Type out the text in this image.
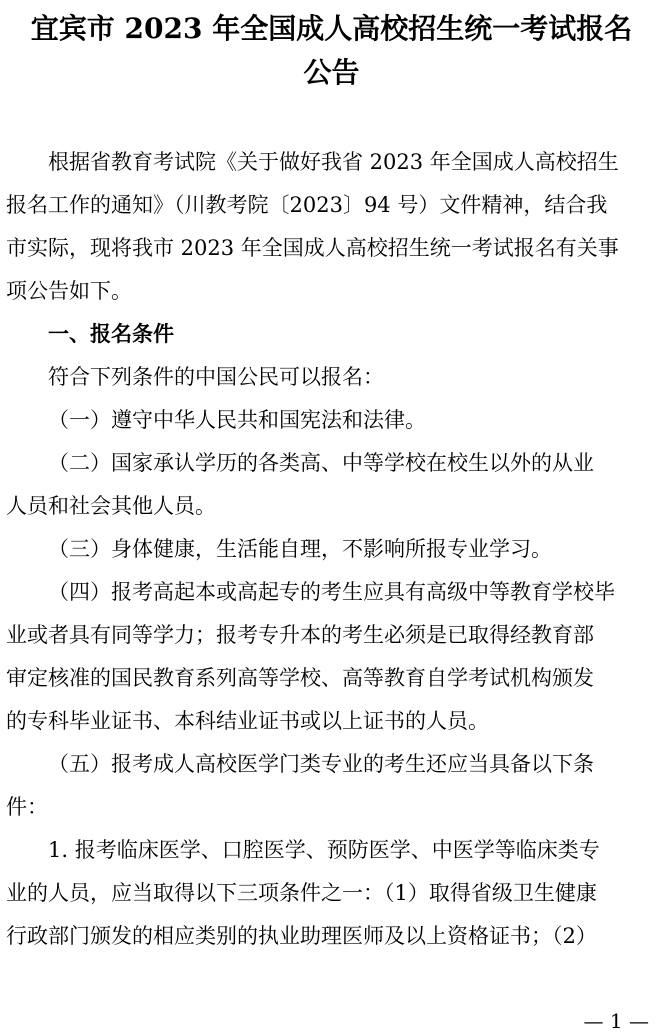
宜宾市 2023 年全国成人高校招生统一考试报名
公告
根据省教育考试院《关于做好我省 2023 年全国成人高校招生
报名工作的通知》（川教考院〔2023〕94 号）文件精神，结合我
市实际，现将我市 2023 年全国成人高校招生统一考试报名有关事
项公告如下。
一、报名条件
符合下列条件的中国公民可以报名：
（一）遵守中华人民共和国宪法和法律。
（二）国家承认学历的各类高、中等学校在校生以外的从业
人员和社会其他人员。
（三）身体健康，生活能自理，不影响所报专业学习。
（四）报考高起本或高起专的考生应具有高级中等教育学校毕
业或者具有同等学力；报考专升本的考生必须是已取得经教育部
审定核准的国民教育系列高等学校、高等教育自学考试机构颁发
的专科毕业证书、本科结业证书或以上证书的人员。
（五）报考成人高校医学门类专业的考生还应当具备以下条
件：
1. 报考临床医学、口腔医学、预防医学、中医学等临床类专
业的人员，应当取得以下三项条件之一：（1）取得省级卫生健康
行政部门颁发的相应类别的执业助理医师及以上资格证书；（2）
— 1 —
